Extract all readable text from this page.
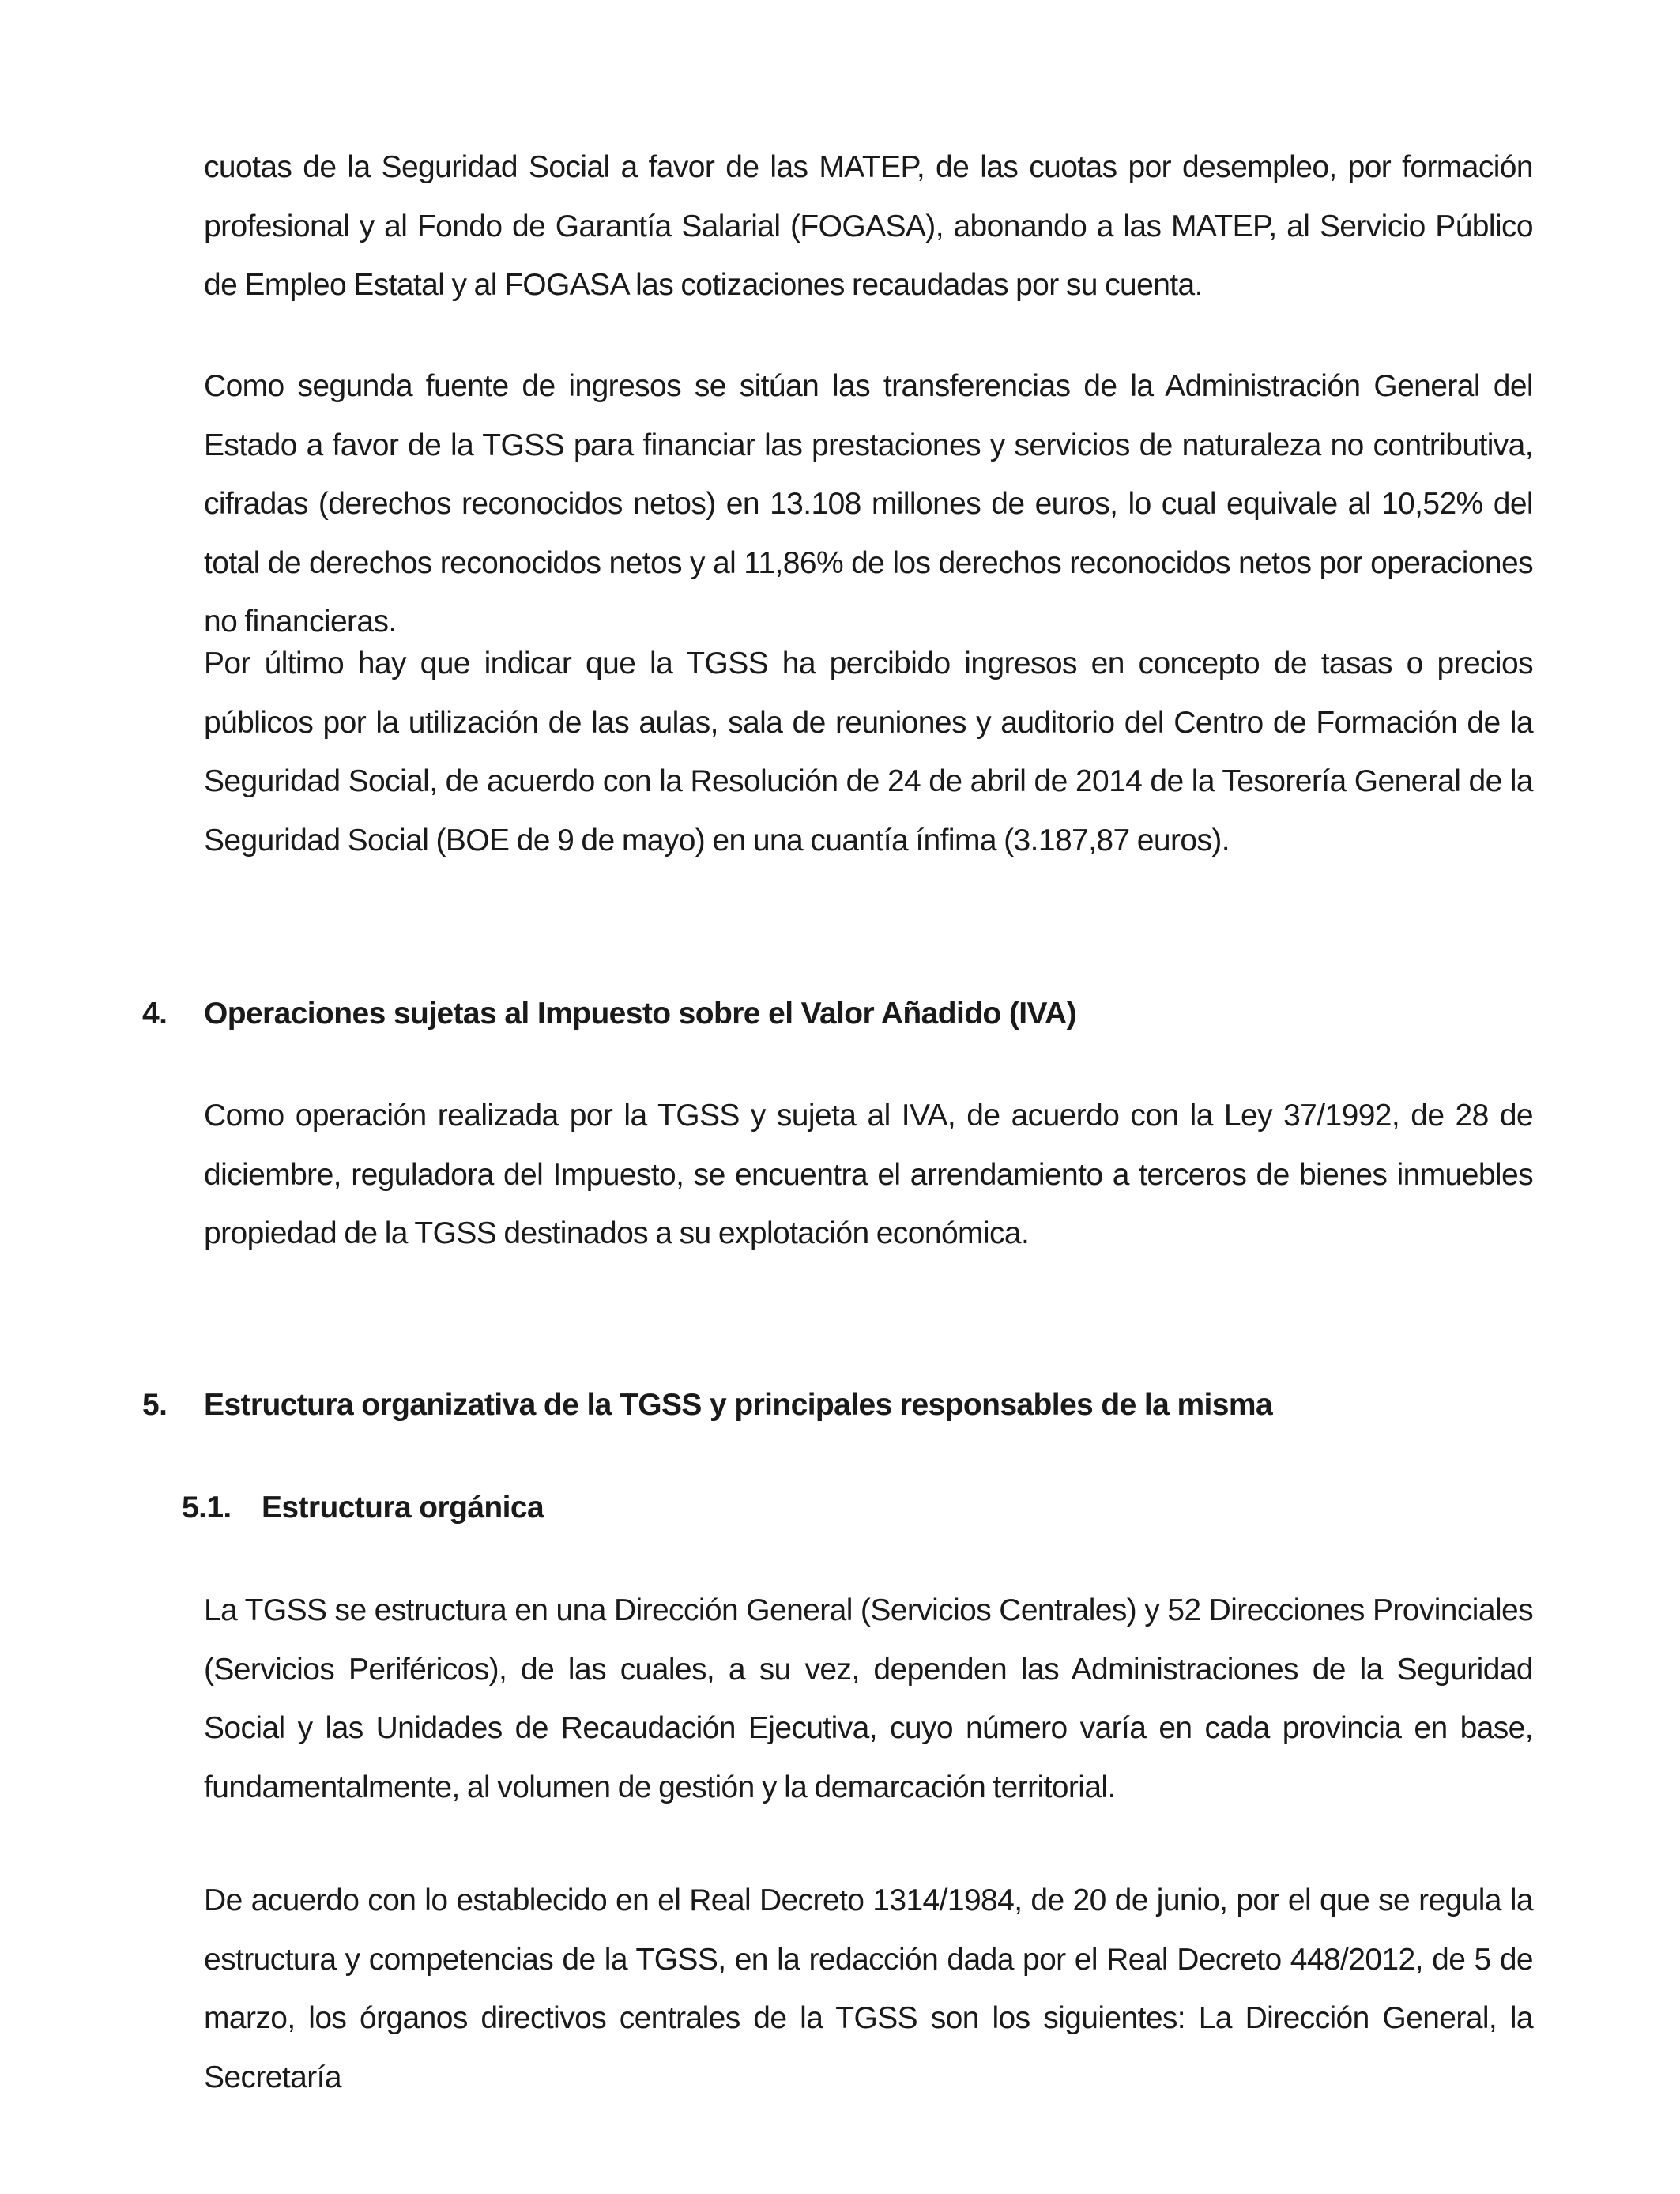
cuotas de la Seguridad Social a favor de las MATEP, de las cuotas por desempleo, por formación profesional y al Fondo de Garantía Salarial (FOGASA), abonando a las MATEP, al Servicio Público de Empleo Estatal y al FOGASA las cotizaciones recaudadas por su cuenta.

Como segunda fuente de ingresos se sitúan las transferencias de la Administración General del Estado a favor de la TGSS para financiar las prestaciones y servicios de naturaleza no contributiva, cifradas (derechos reconocidos netos) en 13.108 millones de euros, lo cual equivale al 10,52% del total de derechos reconocidos netos y al 11,86% de los derechos reconocidos netos por operaciones no financieras.

Por último hay que indicar que la TGSS ha percibido ingresos en concepto de tasas o precios públicos por la utilización de las aulas, sala de reuniones y auditorio del Centro de Formación de la Seguridad Social, de acuerdo con la Resolución de 24 de abril de 2014 de la Tesorería General de la Seguridad Social (BOE de 9 de mayo) en una cuantía ínfima (3.187,87 euros).

4. Operaciones sujetas al Impuesto sobre el Valor Añadido (IVA)

Como operación realizada por la TGSS y sujeta al IVA, de acuerdo con la Ley 37/1992, de 28 de diciembre, reguladora del Impuesto, se encuentra el arrendamiento a terceros de bienes inmuebles propiedad de la TGSS destinados a su explotación económica.

5. Estructura organizativa de la TGSS y principales responsables de la misma
5.1. Estructura orgánica

La TGSS se estructura en una Dirección General (Servicios Centrales) y 52 Direcciones Provinciales (Servicios Periféricos), de las cuales, a su vez, dependen las Administraciones de la Seguridad Social y las Unidades de Recaudación Ejecutiva, cuyo número varía en cada provincia en base, fundamentalmente, al volumen de gestión y la demarcación territorial.

De acuerdo con lo establecido en el Real Decreto 1314/1984, de 20 de junio, por el que se regula la estructura y competencias de la TGSS, en la redacción dada por el Real Decreto 448/2012, de 5 de marzo, los órganos directivos centrales de la TGSS son los siguientes: La Dirección General, la Secretaría
